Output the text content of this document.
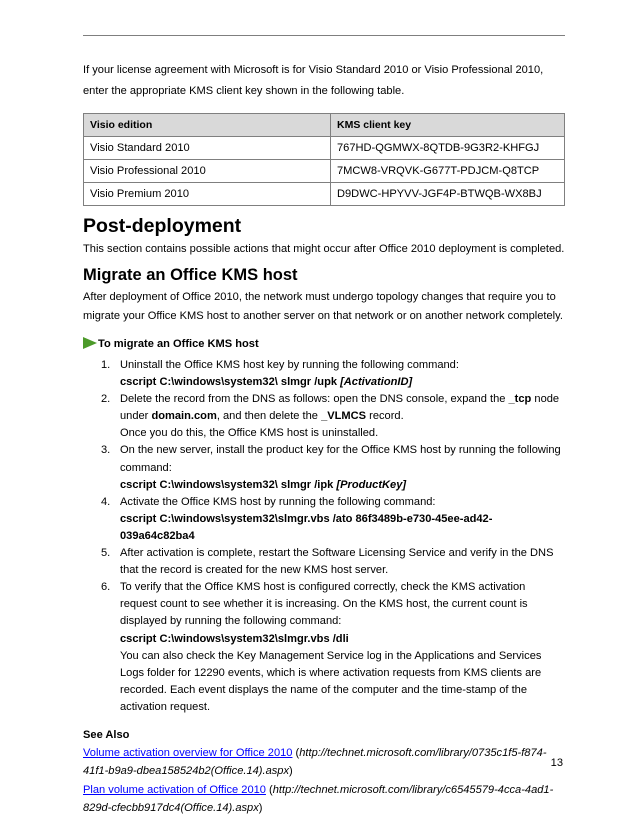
If your license agreement with Microsoft is for Visio Standard 2010 or Visio Professional 2010, enter the appropriate KMS client key shown in the following table.

Visio edition	KMS client key
Visio Standard 2010	767HD-QGMWX-8QTDB-9G3R2-KHFGJ
Visio Professional 2010	7MCW8-VRQVK-G677T-PDJCM-Q8TCP
Visio Premium 2010	D9DWC-HPYVV-JGF4P-BTWQB-WX8BJ
Post-deployment

This section contains possible actions that might occur after Office 2010 deployment is completed.

Migrate an Office KMS host

After deployment of Office 2010, the network must undergo topology changes that require you to migrate your Office KMS host to another server on that network or on another network completely.

To migrate an Office KMS host

1. Uninstall the Office KMS host key by running the following command:
cscript C:\windows\system32\ slmgr /upk [ActivationID]
2. Delete the record from the DNS as follows: open the DNS console, expand the _tcp node under domain.com, and then delete the _VLMCS record.
Once you do this, the Office KMS host is uninstalled.
3. On the new server, install the product key for the Office KMS host by running the following command:
cscript C:\windows\system32\ slmgr /ipk [ProductKey]
4. Activate the Office KMS host by running the following command:
cscript C:\windows\system32\slmgr.vbs /ato 86f3489b-e730-45ee-ad42-039a64c82ba4
5. After activation is complete, restart the Software Licensing Service and verify in the DNS that the record is created for the new KMS host server.
6. To verify that the Office KMS host is configured correctly, check the KMS activation request count to see whether it is increasing. On the KMS host, the current count is displayed by running the following command:
cscript C:\windows\system32\slmgr.vbs /dli
You can also check the Key Management Service log in the Applications and Services Logs folder for 12290 events, which is where activation requests from KMS clients are recorded. Each event displays the name of the computer and the time-stamp of the activation request.

See Also

Volume activation overview for Office 2010 (http://technet.microsoft.com/library/0735c1f5-f874-41f1-b9a9-dbea158524b2(Office.14).aspx)

Plan volume activation of Office 2010 (http://technet.microsoft.com/library/c6545579-4cca-4ad1-829d-cfecbb917dc4(Office.14).aspx)

13
